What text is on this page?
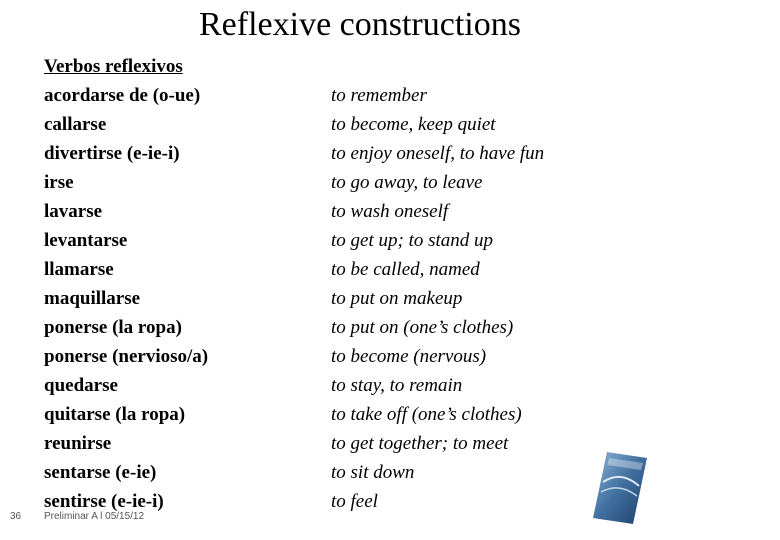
Reflexive constructions
Verbos reflexivos
acordarse de (o-ue)
callarse
divertirse (e-ie-i)
irse
lavarse
levantarse
llamarse
maquillarse
ponerse (la ropa)
ponerse (nervioso/a)
quedarse
quitarse (la ropa)
reunirse
sentarse (e-ie)
sentirse (e-ie-i)
to remember
to become, keep quiet
to enjoy oneself, to have fun
to go away, to leave
to wash oneself
to get up; to stand up
to be called, named
to put on makeup
to put on (one’s clothes)
to become (nervous)
to stay, to remain
to take off (one’s clothes)
to get together; to meet
to sit down
to feel
36 Preliminar A l 05/15/12	PEARSON
